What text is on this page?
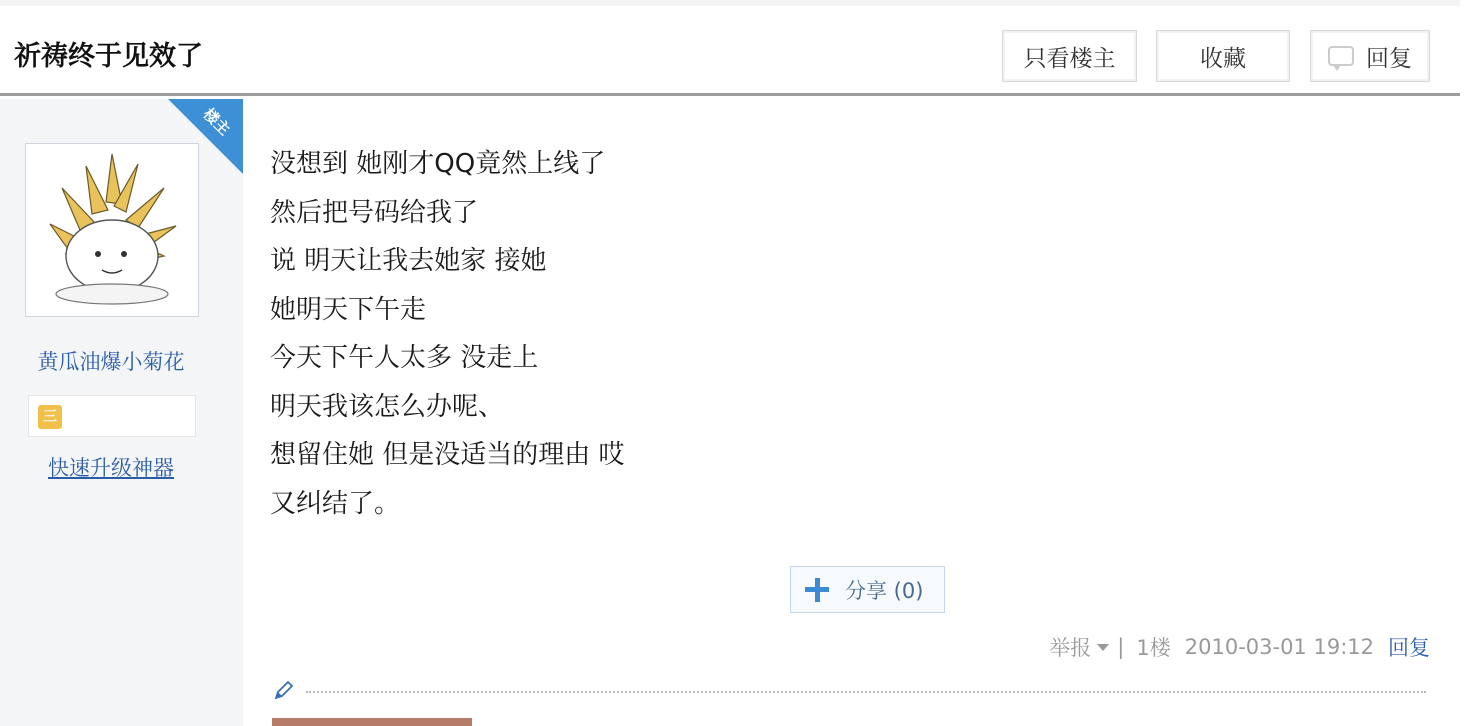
祈祷终于见效了	只看楼主	收藏	回复
楼主
黄瓜油爆小菊花
三
快速升级神器
没想到 她刚才QQ竟然上线了
然后把号码给我了
说 明天让我去她家 接她
她明天下午走
今天下午人太多 没走上
明天我该怎么办呢、
想留住她 但是没适当的理由 哎
又纠结了。
分享 (0)
举报 | 1楼 2010-03-01 19:12 回复
